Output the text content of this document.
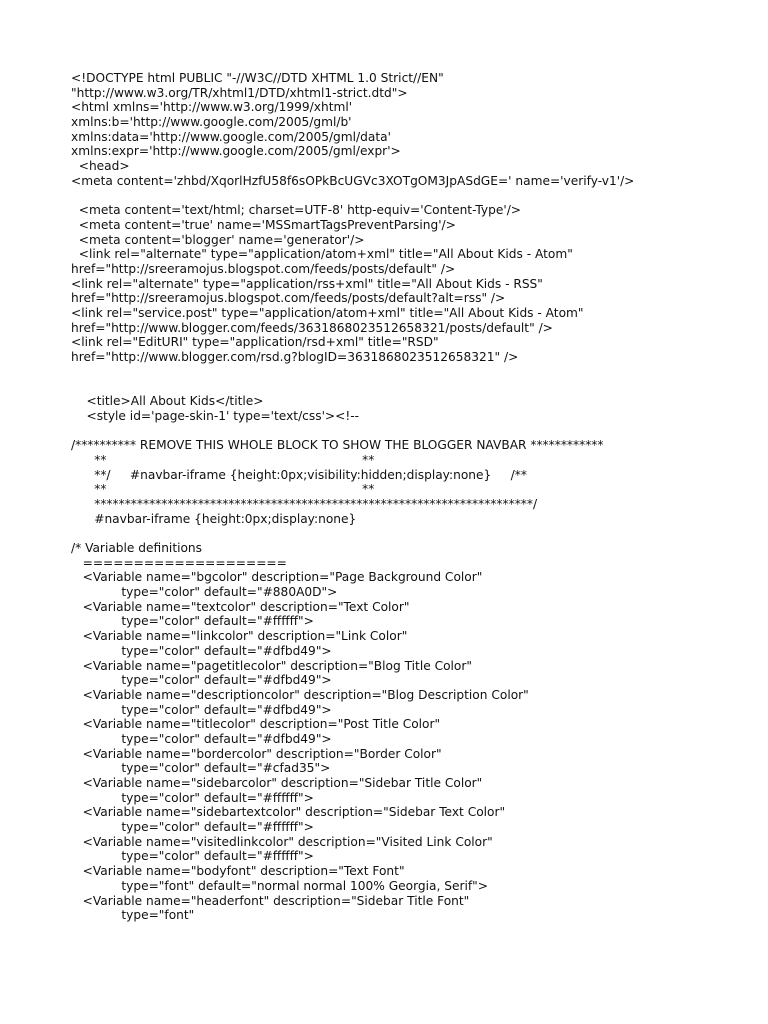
<!DOCTYPE html PUBLIC "-//W3C//DTD XHTML 1.0 Strict//EN"
"http://www.w3.org/TR/xhtml1/DTD/xhtml1-strict.dtd">
<html xmlns='http://www.w3.org/1999/xhtml'
xmlns:b='http://www.google.com/2005/gml/b'
xmlns:data='http://www.google.com/2005/gml/data'
xmlns:expr='http://www.google.com/2005/gml/expr'>
<head>
<meta content='zhbd/XqorlHzfU58f6sOPkBcUGVc3XOTgOM3JpASdGE=' name='verify-v1'/>
<meta content='text/html; charset=UTF-8' http-equiv='Content-Type'/>
<meta content='true' name='MSSmartTagsPreventParsing'/>
<meta content='blogger' name='generator'/>
<link rel="alternate" type="application/atom+xml" title="All About Kids - Atom"
href="http://sreeramojus.blogspot.com/feeds/posts/default" />
<link rel="alternate" type="application/rss+xml" title="All About Kids - RSS"
href="http://sreeramojus.blogspot.com/feeds/posts/default?alt=rss" />
<link rel="service.post" type="application/atom+xml" title="All About Kids - Atom"
href="http://www.blogger.com/feeds/3631868023512658321/posts/default" />
<link rel="EditURI" type="application/rsd+xml" title="RSD"
href="http://www.blogger.com/rsd.g?blogID=3631868023512658321" />
<title>All About Kids</title>
<style id='page-skin-1' type='text/css'><!--
/********** REMOVE THIS WHOLE BLOCK TO SHOW THE BLOGGER NAVBAR ************
**                                                                  **
**/     #navbar-iframe {height:0px;visibility:hidden;display:none}     /**
**                                                                  **
************************************************************************/
#navbar-iframe {height:0px;display:none}
/* Variable definitions
====================
<Variable name="bgcolor" description="Page Background Color"
type="color" default="#880A0D">
<Variable name="textcolor" description="Text Color"
type="color" default="#ffffff">
<Variable name="linkcolor" description="Link Color"
type="color" default="#dfbd49">
<Variable name="pagetitlecolor" description="Blog Title Color"
type="color" default="#dfbd49">
<Variable name="descriptioncolor" description="Blog Description Color"
type="color" default="#dfbd49">
<Variable name="titlecolor" description="Post Title Color"
type="color" default="#dfbd49">
<Variable name="bordercolor" description="Border Color"
type="color" default="#cfad35">
<Variable name="sidebarcolor" description="Sidebar Title Color"
type="color" default="#ffffff">
<Variable name="sidebartextcolor" description="Sidebar Text Color"
type="color" default="#ffffff">
<Variable name="visitedlinkcolor" description="Visited Link Color"
type="color" default="#ffffff">
<Variable name="bodyfont" description="Text Font"
type="font" default="normal normal 100% Georgia, Serif">
<Variable name="headerfont" description="Sidebar Title Font"
type="font"
